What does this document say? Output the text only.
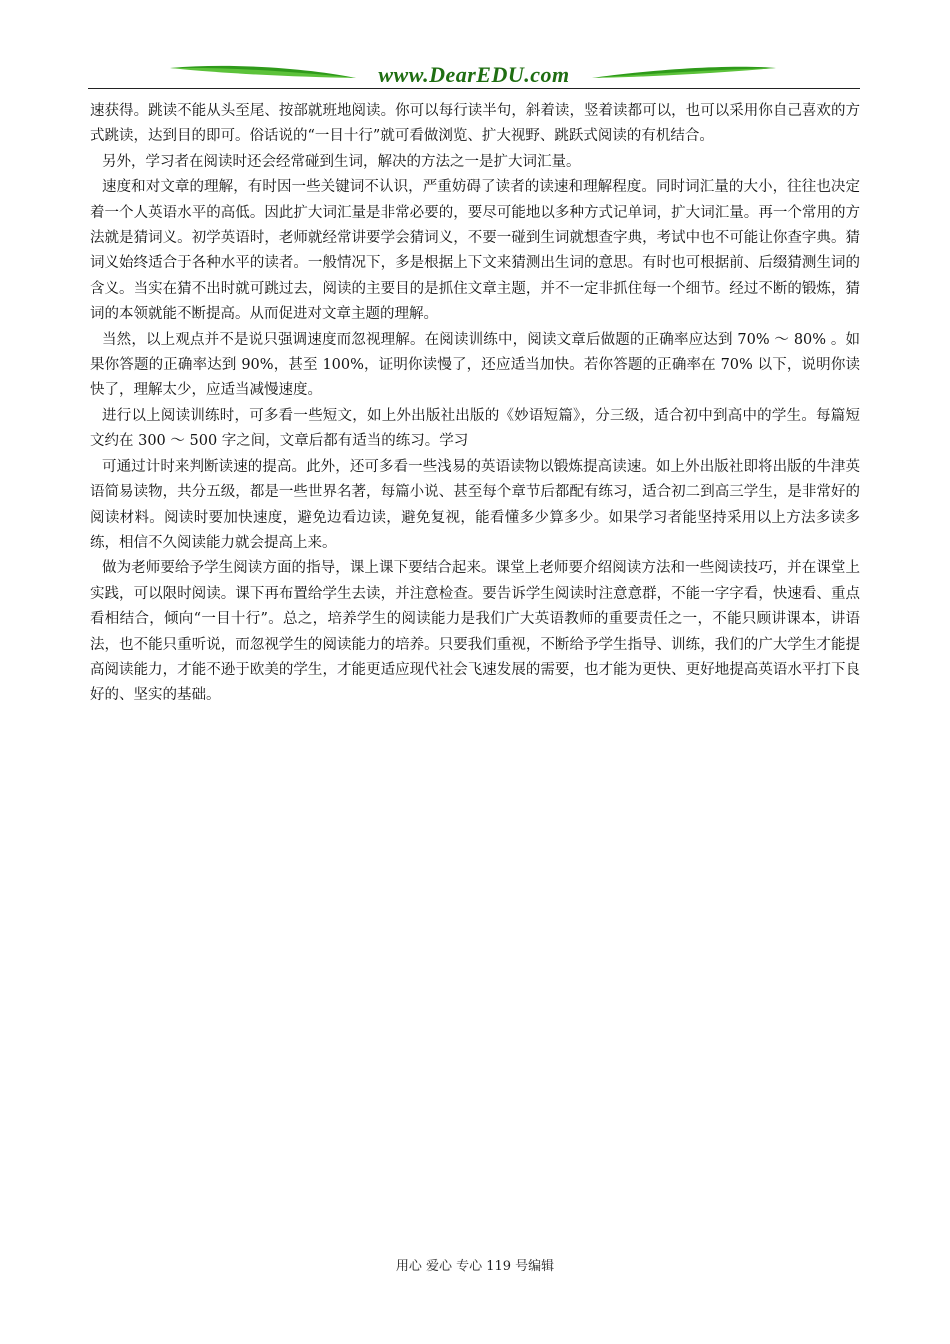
www.DearEDU.com

速获得。跳读不能从头至尾、按部就班地阅读。你可以每行读半句，斜着读，竖着读都可以，也可以采用你自己喜欢的方式跳读，达到目的即可。俗话说的“一目十行”就可看做浏览、扩大视野、跳跃式阅读的有机结合。

另外，学习者在阅读时还会经常碰到生词，解决的方法之一是扩大词汇量。

速度和对文章的理解，有时因一些关键词不认识，严重妨碍了读者的读速和理解程度。同时词汇量的大小，往往也决定着一个人英语水平的高低。因此扩大词汇量是非常必要的，要尽可能地以多种方式记单词，扩大词汇量。再一个常用的方法就是猜词义。初学英语时，老师就经常讲要学会猜词义，不要一碰到生词就想查字典，考试中也不可能让你查字典。猜词义始终适合于各种水平的读者。一般情况下，多是根据上下文来猜测出生词的意思。有时也可根据前、后缀猜测生词的含义。当实在猜不出时就可跳过去，阅读的主要目的是抓住文章主题，并不一定非抓住每一个细节。经过不断的锻炼，猜词的本领就能不断提高。从而促进对文章主题的理解。

当然，以上观点并不是说只强调速度而忽视理解。在阅读训练中，阅读文章后做题的正确率应达到 70% ～ 80% 。如果你答题的正确率达到 90%，甚至 100%，证明你读慢了，还应适当加快。若你答题的正确率在 70% 以下，说明你读快了，理解太少，应适当减慢速度。

进行以上阅读训练时，可多看一些短文，如上外出版社出版的《妙语短篇》，分三级，适合初中到高中的学生。每篇短文约在 300 ～ 500 字之间，文章后都有适当的练习。学习

可通过计时来判断读速的提高。此外，还可多看一些浅易的英语读物以锻炼提高读速。如上外出版社即将出版的牛津英语简易读物，共分五级，都是一些世界名著，每篇小说、甚至每个章节后都配有练习，适合初二到高三学生，是非常好的阅读材料。阅读时要加快速度，避免边看边读，避免复视，能看懂多少算多少。如果学习者能坚持采用以上方法多读多练，相信不久阅读能力就会提高上来。

做为老师要给予学生阅读方面的指导，课上课下要结合起来。课堂上老师要介绍阅读方法和一些阅读技巧，并在课堂上实践，可以限时阅读。课下再布置给学生去读，并注意检查。要告诉学生阅读时注意意群，不能一字字看，快速看、重点看相结合，倾向“一目十行”。总之，培养学生的阅读能力是我们广大英语教师的重要责任之一，不能只顾讲课本，讲语法，也不能只重听说，而忽视学生的阅读能力的培养。只要我们重视，不断给予学生指导、训练，我们的广大学生才能提高阅读能力，才能不逊于欧美的学生，才能更适应现代社会飞速发展的需要，也才能为更快、更好地提高英语水平打下良好的、坚实的基础。

用心 爱心 专心 119 号编辑
